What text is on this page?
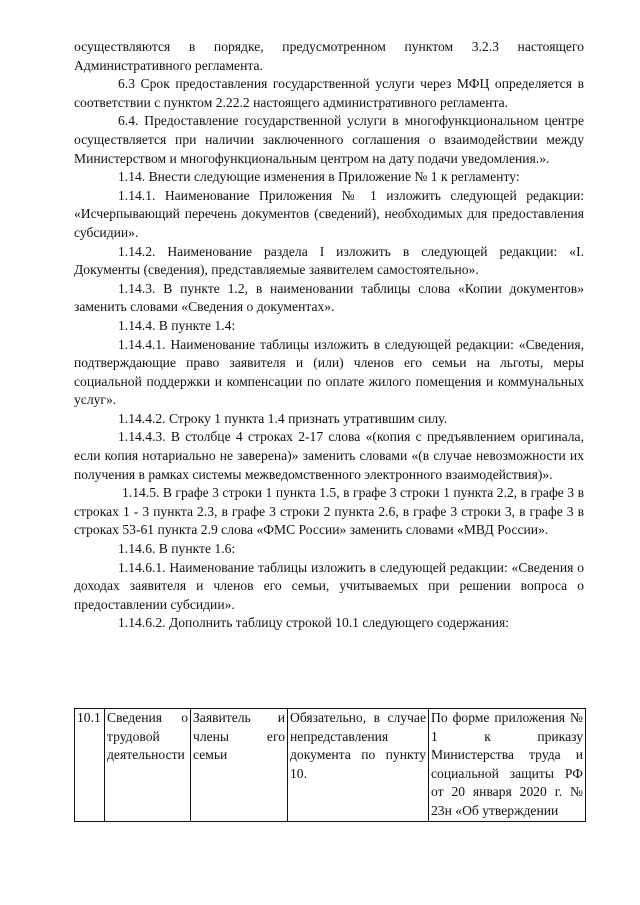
осуществляются в порядке, предусмотренном пунктом 3.2.3 настоящего Административного регламента.

6.3 Срок предоставления государственной услуги через МФЦ определяется в соответствии с пунктом 2.22.2 настоящего административного регламента.

6.4. Предоставление государственной услуги в многофункциональном центре осуществляется при наличии заключенного соглашения о взаимодействии между Министерством и многофункциональным центром на дату подачи уведомления.».

1.14. Внести следующие изменения в Приложение № 1 к регламенту:

1.14.1. Наименование Приложения № 1 изложить следующей редакции: «Исчерпывающий перечень документов (сведений), необходимых для предоставления субсидии».

1.14.2. Наименование раздела I изложить в следующей редакции: «I. Документы (сведения), представляемые заявителем самостоятельно».

1.14.3. В пункте 1.2, в наименовании таблицы слова «Копии документов» заменить словами «Сведения о документах».

1.14.4. В пункте 1.4:

1.14.4.1. Наименование таблицы изложить в следующей редакции: «Сведения, подтверждающие право заявителя и (или) членов его семьи на льготы, меры социальной поддержки и компенсации по оплате жилого помещения и коммунальных услуг».

1.14.4.2. Строку 1 пункта 1.4 признать утратившим силу.

1.14.4.3. В столбце 4 строках 2-17 слова «(копия с предъявлением оригинала, если копия нотариально не заверена)» заменить словами «(в случае невозможности их получения в рамках системы межведомственного электронного взаимодействия)».

1.14.5. В графе 3 строки 1 пункта 1.5, в графе 3 строки 1 пункта 2.2, в графе 3 в строках 1 - 3 пункта 2.3, в графе 3 строки 2 пункта 2.6, в графе 3 строки 3, в графе 3 в строках 53-61 пункта 2.9 слова «ФМС России» заменить словами «МВД России».

1.14.6. В пункте 1.6:

1.14.6.1. Наименование таблицы изложить в следующей редакции: «Сведения о доходах заявителя и членов его семьи, учитываемых при решении вопроса о предоставлении субсидии».

1.14.6.2. Дополнить таблицу строкой 10.1 следующего содержания:

10.1	Сведения о трудовой деятельности	Заявитель и члены его семьи	Обязательно, в случае непредставления документа по пункту 10.	По форме приложения № 1 к приказу Министерства труда и социальной защиты РФ от 20 января 2020 г. № 23н «Об утверждении
